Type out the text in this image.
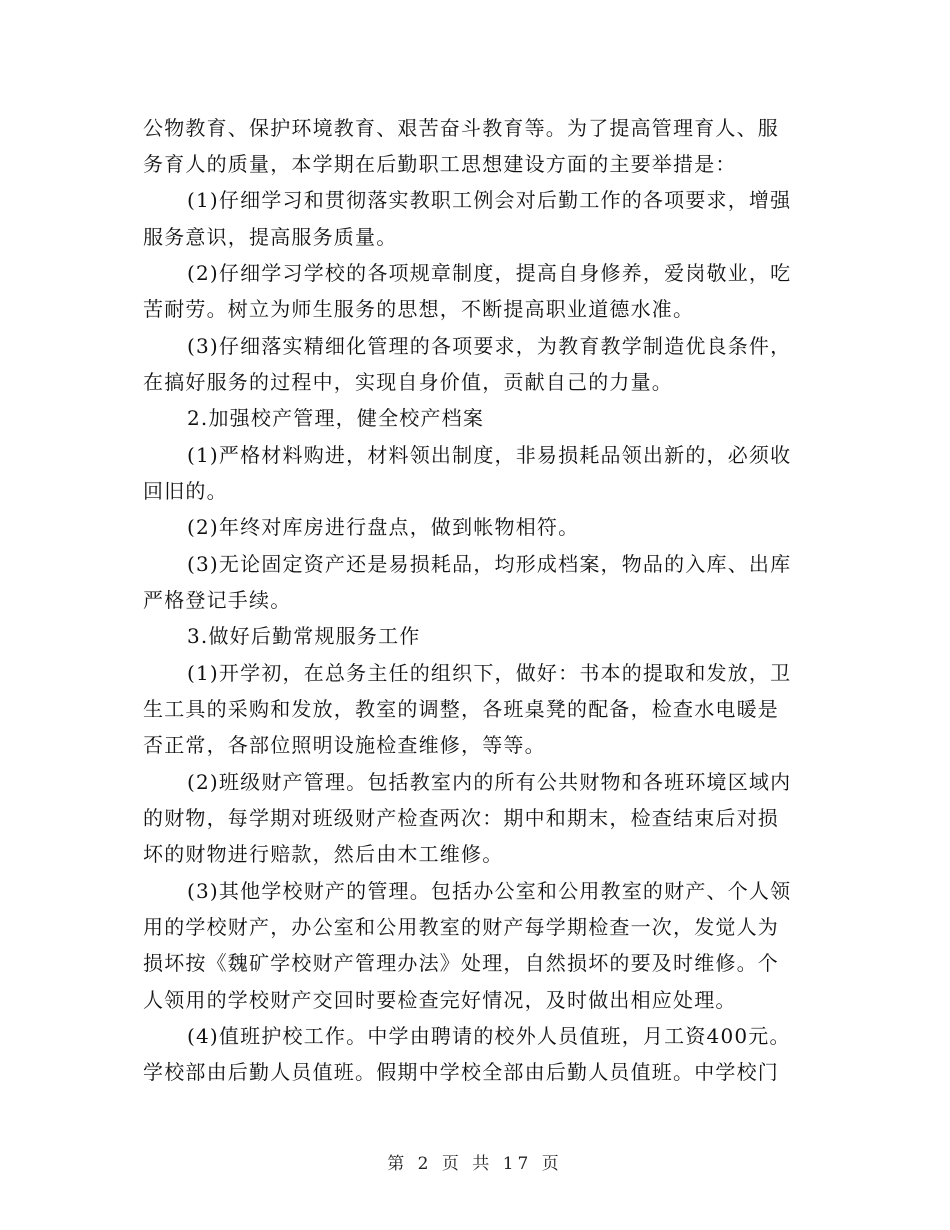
公物教育、保护环境教育、艰苦奋斗教育等。为了提高管理育人、服
务育人的质量，本学期在后勤职工思想建设方面的主要举措是：
(1)仔细学习和贯彻落实教职工例会对后勤工作的各项要求，增强
服务意识，提高服务质量。
(2)仔细学习学校的各项规章制度，提高自身修养，爱岗敬业，吃
苦耐劳。树立为师生服务的思想，不断提高职业道德水准。
(3)仔细落实精细化管理的各项要求，为教育教学制造优良条件，
在搞好服务的过程中，实现自身价值，贡献自己的力量。
2.加强校产管理，健全校产档案
(1)严格材料购进，材料领出制度，非易损耗品领出新的，必须收
回旧的。
(2)年终对库房进行盘点，做到帐物相符。
(3)无论固定资产还是易损耗品，均形成档案，物品的入库、出库
严格登记手续。
3.做好后勤常规服务工作
(1)开学初，在总务主任的组织下，做好：书本的提取和发放，卫
生工具的采购和发放，教室的调整，各班桌凳的配备，检查水电暖是
否正常，各部位照明设施检查维修，等等。
(2)班级财产管理。包括教室内的所有公共财物和各班环境区域内
的财物，每学期对班级财产检查两次：期中和期末，检查结束后对损
坏的财物进行赔款，然后由木工维修。
(3)其他学校财产的管理。包括办公室和公用教室的财产、个人领
用的学校财产，办公室和公用教室的财产每学期检查一次，发觉人为
损坏按《魏矿学校财产管理办法》处理，自然损坏的要及时维修。个
人领用的学校财产交回时要检查完好情况，及时做出相应处理。
(4)值班护校工作。中学由聘请的校外人员值班，月工资400元。
学校部由后勤人员值班。假期中学校全部由后勤人员值班。中学校门
第 2 页 共 17 页
